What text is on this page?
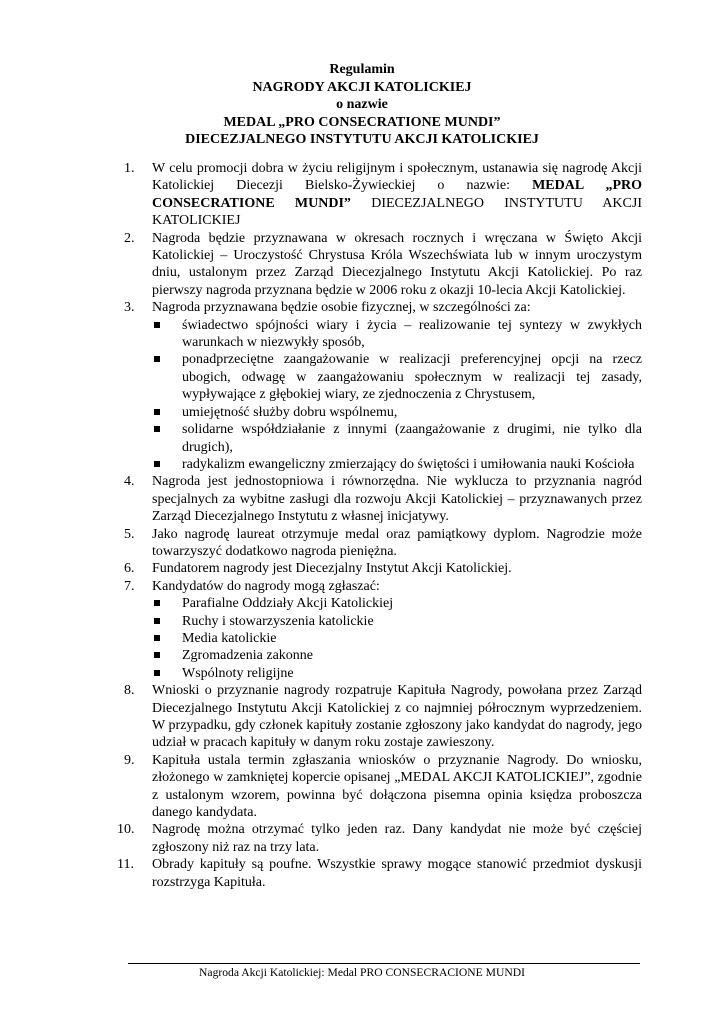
Regulamin
NAGRODY AKCJI KATOLICKIEJ
o nazwie
MEDAL „PRO CONSECRATIONE MUNDI”
DIECEZJALNEGO INSTYTUTU AKCJI KATOLICKIEJ
1. W celu promocji dobra w życiu religijnym i społecznym, ustanawia się nagrodę Akcji Katolickiej Diecezji Bielsko-Żywieckiej o nazwie: MEDAL „PRO CONSECRATIONE MUNDI” DIECEZJALNEGO INSTYTUTU AKCJI KATOLICKIEJ
2. Nagroda będzie przyznawana w okresach rocznych i wręczana w Święto Akcji Katolickiej – Uroczystość Chrystusa Króla Wszechświata lub w innym uroczystym dniu, ustalonym przez Zarząd Diecezjalnego Instytutu Akcji Katolickiej. Po raz pierwszy nagroda przyznana będzie w 2006 roku z okazji 10-lecia Akcji Katolickiej.
3. Nagroda przyznawana będzie osobie fizycznej, w szczególności za:
świadectwo spójności wiary i życia – realizowanie tej syntezy w zwykłych warunkach w niezwykły sposób,
ponadprzeciętne zaangażowanie w realizacji preferencyjnej opcji na rzecz ubogich, odwagę w zaangażowaniu społecznym w realizacji tej zasady, wypływające z głębokiej wiary, ze zjednoczenia z Chrystusem,
umiejętność służby dobru wspólnemu,
solidarne współdziałanie z innymi (zaangażowanie z drugimi, nie tylko dla drugich),
radykalizm ewangeliczny zmierzający do świętości i umiłowania nauki Kościoła
4. Nagroda jest jednostopniowa i równorzędna. Nie wyklucza to przyznania nagród specjalnych za wybitne zasługi dla rozwoju Akcji Katolickiej – przyznawanych przez Zarząd Diecezjalnego Instytutu z własnej inicjatywy.
5. Jako nagrodę laureat otrzymuje medal oraz pamiątkowy dyplom. Nagrodzie może towarzyszyć dodatkowo nagroda pieniężna.
6. Fundatorem nagrody jest Diecezjalny Instytut Akcji Katolickiej.
7. Kandydatów do nagrody mogą zgłaszać:
Parafialne Oddziały Akcji Katolickiej
Ruchy i stowarzyszenia katolickie
Media katolickie
Zgromadzenia zakonne
Wspólnoty religijne
8. Wnioski o przyznanie nagrody rozpatruje Kapituła Nagrody, powołana przez Zarząd Diecezjalnego Instytutu Akcji Katolickiej z co najmniej półrocznym wyprzedzeniem. W przypadku, gdy członek kapituły zostanie zgłoszony jako kandydat do nagrody, jego udział w pracach kapituły w danym roku zostaje zawieszony.
9. Kapituła ustala termin zgłaszania wniosków o przyznanie Nagrody. Do wniosku, złożonego w zamkniętej kopercie opisanej „MEDAL AKCJI KATOLICKIEJ”, zgodnie z ustalonym wzorem, powinna być dołączona pisemna opinia księdza proboszcza danego kandydata.
10. Nagrodę można otrzymać tylko jeden raz. Dany kandydat nie może być częściej zgłoszony niż raz na trzy lata.
11. Obrady kapituły są poufne. Wszystkie sprawy mogące stanowić przedmiot dyskusji rozstrzyga Kapituła.
Nagroda Akcji Katolickiej: Medal PRO CONSECRACIONE MUNDI
